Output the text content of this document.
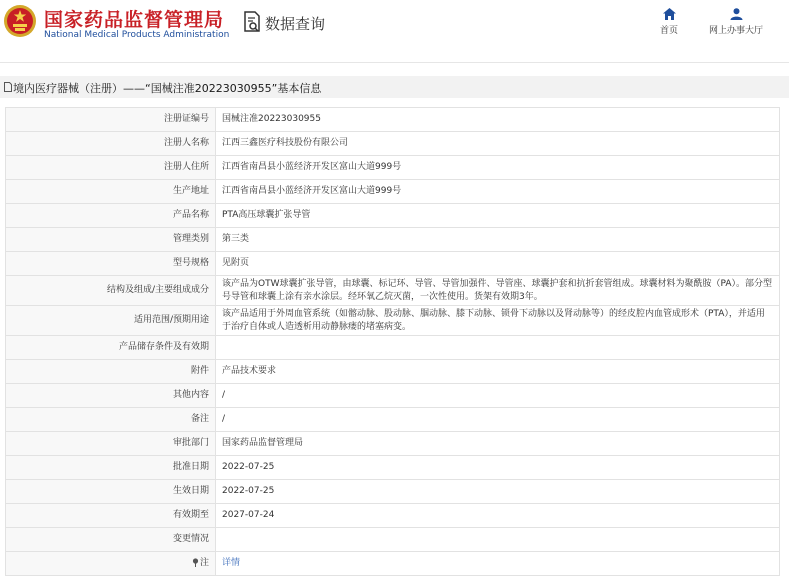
国家药品监督管理局
National Medical Products Administration
数据查询	首页	网上办事大厅
境内医疗器械（注册）——“国械注准20223030955”基本信息
注册证编号	国械注准20223030955
注册人名称	江西三鑫医疗科技股份有限公司
注册人住所	江西省南昌县小蓝经济开发区富山大道999号
生产地址	江西省南昌县小蓝经济开发区富山大道999号
产品名称	PTA高压球囊扩张导管
管理类别	第三类
型号规格	见附页
结构及组成/主要组成成分	该产品为OTW球囊扩张导管，由球囊、标记环、导管、导管加强件、导管座、球囊护套和抗折套管组成。球囊材料为聚酰胺（PA）。部分型号导管和球囊上涂有亲水涂层。经环氧乙烷灭菌，一次性使用。货架有效期3年。
适用范围/预期用途	该产品适用于外周血管系统（如髂动脉、股动脉、腘动脉、膝下动脉、锁骨下动脉以及肾动脉等）的经皮腔内血管成形术（PTA），并适用于治疗自体或人造透析用动静脉瘘的堵塞病变。
产品储存条件及有效期	
附件	产品技术要求
其他内容	/
备注	/
审批部门	国家药品监督管理局
批准日期	2022-07-25
生效日期	2022-07-25
有效期至	2027-07-24
变更情况	
注	详情
